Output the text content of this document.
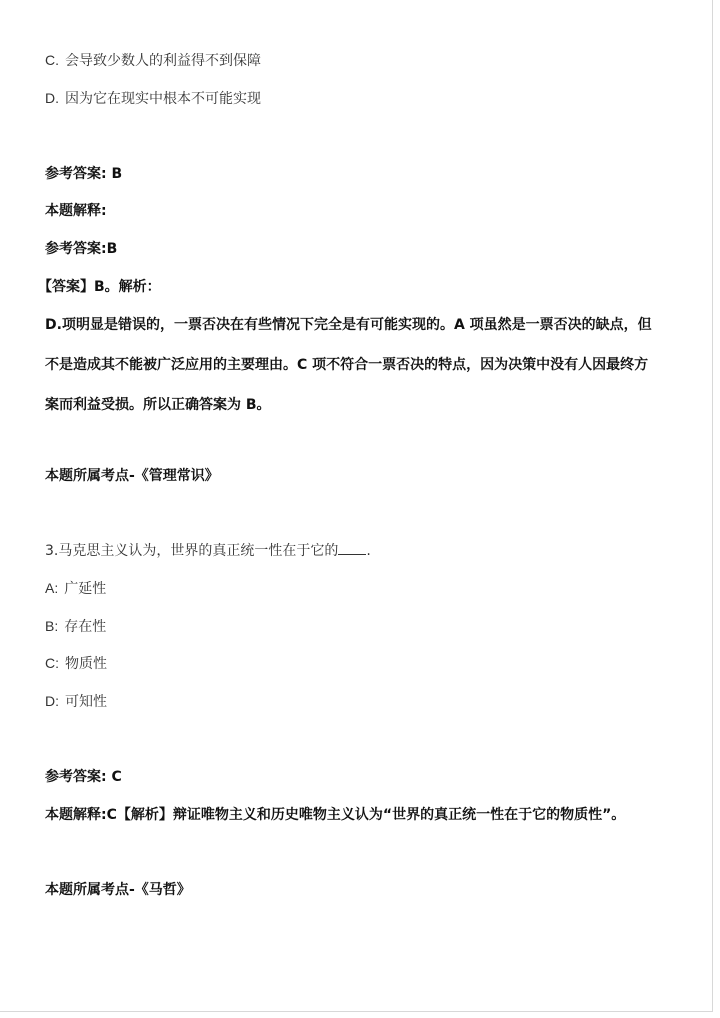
C. 会导致少数人的利益得不到保障
D. 因为它在现实中根本不可能实现
参考答案: B
本题解释:
参考答案:B
【答案】B。解析：
D.项明显是错误的，一票否决在有些情况下完全是有可能实现的。A 项虽然是一票否决的缺点，但
不是造成其不能被广泛应用的主要理由。C 项不符合一票否决的特点，因为决策中没有人因最终方
案而利益受损。所以正确答案为 B。
本题所属考点-《管理常识》
3.马克思主义认为，世界的真正统一性在于它的 .
A: 广延性
B: 存在性
C: 物质性
D: 可知性
参考答案: C
本题解释:C【解析】辩证唯物主义和历史唯物主义认为“世界的真正统一性在于它的物质性”。
本题所属考点-《马哲》
